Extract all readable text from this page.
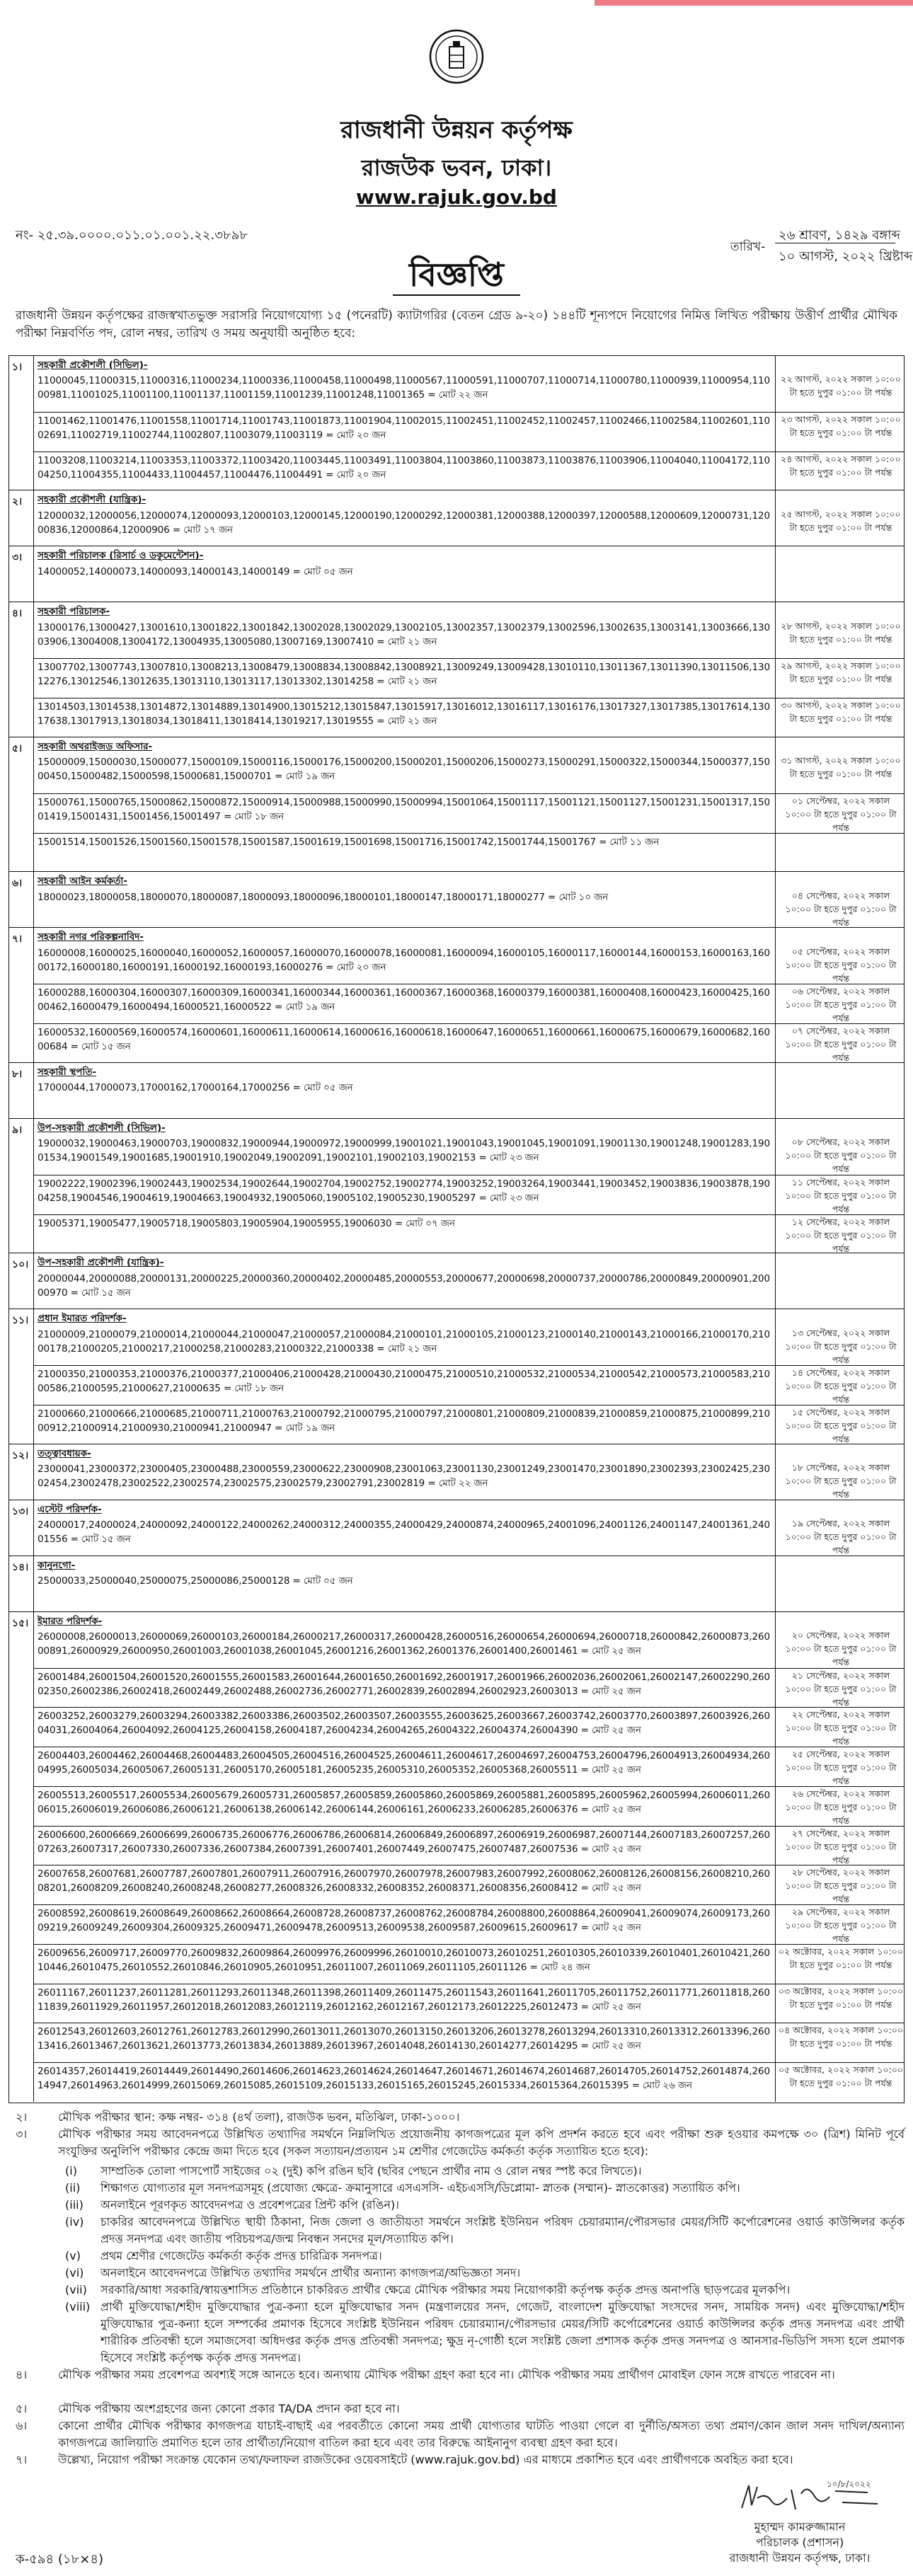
রাজধানী উন্নয়ন কর্তৃপক্ষ
রাজউক ভবন, ঢাকা।
www.rajuk.gov.bd
নং- ২৫.৩৯.০০০০.০১১.০১.০০১.২২.৩৮৯৮
তারিখ-
২৬ শ্রাবণ, ১৪২৯ বঙ্গাব্দ
১০ আগস্ট, ২০২২ খ্রিষ্টাব্দ
বিজ্ঞপ্তি
রাজধানী উন্নয়ন কর্তৃপক্ষের রাজস্বখাতভুক্ত সরাসরি নিয়োগযোগ্য ১৫ (পনেরটি) ক্যাটাগরির (বেতন গ্রেড ৯-২০) ১৪৪টি শূন্যপদে নিয়োগের নিমিত্ত লিখিত পরীক্ষায় উত্তীর্ণ প্রার্থীর মৌখিক পরীক্ষা নিম্নবর্ণিত পদ, রোল নম্বর, তারিখ ও সময় অনুযায়ী অনুষ্ঠিত হবে:
১।	সহকারী প্রকৌশলী (সিভিল)-
11000045,11000315,11000316,11000234,11000336,11000458,11000498,11000567,11000591,11000707,11000714,11000780,11000939,11000954,11000981,11001025,11001100,11001137,11001159,11001239,11001248,11001365 = মোট ২২ জন
২২ আগস্ট, ২০২২ সকাল ১০:০০ টা হতে দুপুর ০১:০০ টা পর্যন্ত
11001462,11001476,11001558,11001714,11001743,11001873,11001904,11002015,11002451,11002452,11002457,11002466,11002584,11002601,11002691,11002719,11002744,11002807,11003079,11003119 = মোট ২০ জন
২৩ আগস্ট, ২০২২ সকাল ১০:০০ টা হতে দুপুর ০১:০০ টা পর্যন্ত
11003208,11003214,11003353,11003372,11003420,11003445,11003491,11003804,11003860,11003873,11003876,11003906,11004040,11004172,11004250,11004355,11004433,11004457,11004476,11004491 = মোট ২০ জন
২৪ আগস্ট, ২০২২ সকাল ১০:০০ টা হতে দুপুর ০১:০০ টা পর্যন্ত
২।	সহকারী প্রকৌশলী (যান্ত্রিক)-
12000032,12000056,12000074,12000093,12000103,12000145,12000190,12000292,12000381,12000388,12000397,12000588,12000609,12000731,12000836,12000864,12000906 = মোট ১৭ জন
২৫ আগস্ট, ২০২২ সকাল ১০:০০ টা হতে দুপুর ০১:০০ টা পর্যন্ত
৩।	সহকারী পরিচালক (রিসার্চ ও ডকুমেন্টেশন)-
14000052,14000073,14000093,14000143,14000149 = মোট ০৫ জন
৪।	সহকারী পরিচালক-
13000176,13000427,13001610,13001822,13001842,13002028,13002029,13002105,13002357,13002379,13002596,13002635,13003141,13003666,13003906,13004008,13004172,13004935,13005080,13007169,13007410 = মোট ২১ জন
২৮ আগস্ট, ২০২২ সকাল ১০:০০ টা হতে দুপুর ০১:০০ টা পর্যন্ত
13007702,13007743,13007810,13008213,13008479,13008834,13008842,13008921,13009249,13009428,13010110,13011367,13011390,13011506,13012276,13012546,13012635,13013110,13013117,13013302,13014258 = মোট ২১ জন
২৯ আগস্ট, ২০২২ সকাল ১০:০০ টা হতে দুপুর ০১:০০ টা পর্যন্ত
13014503,13014538,13014872,13014889,13014900,13015212,13015847,13015917,13016012,13016117,13016176,13017327,13017385,13017614,13017638,13017913,13018034,13018411,13018414,13019217,13019555 = মোট ২১ জন
৩০ আগস্ট, ২০২২ সকাল ১০:০০ টা হতে দুপুর ০১:০০ টা পর্যন্ত
৫।	সহকারী অথরাইজড অফিসার-
15000009,15000030,15000077,15000109,15000116,15000176,15000200,15000201,15000206,15000273,15000291,15000322,15000344,15000377,15000450,15000482,15000598,15000681,15000701 = মোট ১৯ জন
৩১ আগস্ট, ২০২২ সকাল ১০:০০ টা হতে দুপুর ০১:০০ টা পর্যন্ত
15000761,15000765,15000862,15000872,15000914,15000988,15000990,15000994,15001064,15001117,15001121,15001127,15001231,15001317,15001419,15001431,15001456,15001497 = মোট ১৮ জন
০১ সেপ্টেম্বর, ২০২২ সকাল ১০:০০ টা হতে দুপুর ০১:০০ টা পর্যন্ত
15001514,15001526,15001560,15001578,15001587,15001619,15001698,15001716,15001742,15001744,15001767 = মোট ১১ জন
৬।	সহকারী আইন কর্মকর্তা-
18000023,18000058,18000070,18000087,18000093,18000096,18000101,18000147,18000171,18000277 = মোট ১০ জন	০৪ সেপ্টেম্বর, ২০২২ সকাল ১০:০০ টা হতে দুপুর ০১:০০ টা পর্যন্ত
৭।	সহকারী নগর পরিকল্পনাবিদ-
16000008,16000025,16000040,16000052,16000057,16000070,16000078,16000081,16000094,16000105,16000117,16000144,16000153,16000163,16000172,16000180,16000191,16000192,16000193,16000276 = মোট ২০ জন
০৫ সেপ্টেম্বর, ২০২২ সকাল ১০:০০ টা হতে দুপুর ০১:০০ টা পর্যন্ত
16000288,16000304,16000307,16000309,16000341,16000344,16000361,16000367,16000368,16000379,16000381,16000408,16000423,16000425,16000462,16000479,16000494,16000521,16000522 = মোট ১৯ জন
০৬ সেপ্টেম্বর, ২০২২ সকাল ১০:০০ টা হতে দুপুর ০১:০০ টা পর্যন্ত
16000532,16000569,16000574,16000601,16000611,16000614,16000616,16000618,16000647,16000651,16000661,16000675,16000679,16000682,16000684 = মোট ১৫ জন
০৭ সেপ্টেম্বর, ২০২২ সকাল ১০:০০ টা হতে দুপুর ০১:০০ টা পর্যন্ত
৮।	সহকারী স্থপতি-
17000044,17000073,17000162,17000164,17000256 = মোট ০৫ জন
৯।	উপ-সহকারী প্রকৌশলী (সিভিল)-
19000032,19000463,19000703,19000832,19000944,19000972,19000999,19001021,19001043,19001045,19001091,19001130,19001248,19001283,19001534,19001549,19001685,19001910,19002049,19002091,19002101,19002103,19002153 = মোট ২৩ জন
০৮ সেপ্টেম্বর, ২০২২ সকাল ১০:০০ টা হতে দুপুর ০১:০০ টা পর্যন্ত
19002222,19002396,19002443,19002534,19002644,19002704,19002752,19002774,19003252,19003264,19003441,19003452,19003836,19003878,19004258,19004546,19004619,19004663,19004932,19005060,19005102,19005230,19005297 = মোট ২৩ জন
১১ সেপ্টেম্বর, ২০২২ সকাল ১০:০০ টা হতে দুপুর ০১:০০ টা পর্যন্ত
19005371,19005477,19005718,19005803,19005904,19005955,19006030 = মোট ০৭ জন	১২ সেপ্টেম্বর, ২০২২ সকাল ১০:০০ টা হতে দুপুর ০১:০০ টা পর্যন্ত
১০। উপ-সহকারী প্রকৌশলী (যান্ত্রিক)-
20000044,20000088,20000131,20000225,20000360,20000402,20000485,20000553,20000677,20000698,20000737,20000786,20000849,20000901,20000970 = মোট ১৫ জন
১১। প্রধান ইমারত পরিদর্শক-
21000009,21000079,21000014,21000044,21000047,21000057,21000084,21000101,21000105,21000123,21000140,21000143,21000166,21000170,21000178,21000205,21000217,21000258,21000283,21000322,21000338 = মোট ২১ জন
১৩ সেপ্টেম্বর, ২০২২ সকাল ১০:০০ টা হতে দুপুর ০১:০০ টা পর্যন্ত
21000350,21000353,21000376,21000377,21000406,21000428,21000430,21000475,21000510,21000532,21000534,21000542,21000573,21000583,21000586,21000595,21000627,21000635 = মোট ১৮ জন
১৪ সেপ্টেম্বর, ২০২২ সকাল ১০:০০ টা হতে দুপুর ০১:০০ টা পর্যন্ত
21000660,21000666,21000685,21000711,21000763,21000792,21000795,21000797,21000801,21000809,21000839,21000859,21000875,21000899,21000912,21000914,21000930,21000941,21000947 = মোট ১৯ জন
১৫ সেপ্টেম্বর, ২০২২ সকাল ১০:০০ টা হতে দুপুর ০১:০০ টা পর্যন্ত
১২। তত্ত্বাবধায়ক-
23000041,23000372,23000405,23000488,23000559,23000622,23000908,23001063,23001130,23001249,23001470,23001890,23002393,23002425,23002454,23002478,23002522,23002574,23002575,23002579,23002791,23002819 = মোট ২২ জন
১৮ সেপ্টেম্বর, ২০২২ সকাল ১০:০০ টা হতে দুপুর ০১:০০ টা পর্যন্ত
১৩। এস্টেট পরিদর্শক-
24000017,24000024,24000092,24000122,24000262,24000312,24000355,24000429,24000874,24000965,24001096,24001126,24001147,24001361,24001556 = মোট ১৫ জন
১৯ সেপ্টেম্বর, ২০২২ সকাল ১০:০০ টা হতে দুপুর ০১:০০ টা পর্যন্ত
১৪। কানুনগো-
25000033,25000040,25000075,25000086,25000128 = মোট ০৫ জন
১৫। ইমারত পরিদর্শক-
26000008,26000013,26000069,26000103,26000184,26000217,26000317,26000428,26000516,26000654,26000694,26000718,26000842,26000873,26000891,26000929,26000950,26001003,26001038,26001045,26001216,26001362,26001376,26001400,26001461 = মোট ২৫ জন
২০ সেপ্টেম্বর, ২০২২ সকাল ১০:০০ টা হতে দুপুর ০১:০০ টা পর্যন্ত
26001484,26001504,26001520,26001555,26001583,26001644,26001650,26001692,26001917,26001966,26002036,26002061,26002147,26002290,26002350,26002386,26002418,26002449,26002488,26002736,26002771,26002839,26002894,26002923,26003013 = মোট ২৫ জন
২১ সেপ্টেম্বর, ২০২২ সকাল ১০:০০ টা হতে দুপুর ০১:০০ টা পর্যন্ত
26003252,26003279,26003294,26003382,26003386,26003502,26003507,26003555,26003625,26003667,26003742,26003770,26003897,26003926,26004031,26004064,26004092,26004125,26004158,26004187,26004234,26004265,26004322,26004374,26004390 = মোট ২৫ জন
২২ সেপ্টেম্বর, ২০২২ সকাল ১০:০০ টা হতে দুপুর ০১:০০ টা পর্যন্ত
26004403,26004462,26004468,26004483,26004505,26004516,26004525,26004611,26004617,26004697,26004753,26004796,26004913,26004934,26004995,26005034,26005067,26005131,26005170,26005181,26005235,26005310,26005352,26005368,26005511 = মোট ২৫ জন
২৫ সেপ্টেম্বর, ২০২২ সকাল ১০:০০ টা হতে দুপুর ০১:০০ টা পর্যন্ত
26005513,26005517,26005534,26005679,26005731,26005857,26005859,26005860,26005869,26005881,26005895,26005962,26005994,26006011,26006015,26006019,26006086,26006121,26006138,26006142,26006144,26006161,26006233,26006285,26006376 = মোট ২৫ জন
২৬ সেপ্টেম্বর, ২০২২ সকাল ১০:০০ টা হতে দুপুর ০১:০০ টা পর্যন্ত
26006600,26006669,26006699,26006735,26006776,26006786,26006814,26006849,26006897,26006919,26006987,26007144,26007183,26007257,26007263,26007317,26007330,26007336,26007384,26007391,26007401,26007449,26007475,26007487,26007536 = মোট ২৫ জন
২৭ সেপ্টেম্বর, ২০২২ সকাল ১০:০০ টা হতে দুপুর ০১:০০ টা পর্যন্ত
26007658,26007681,26007787,26007801,26007911,26007916,26007970,26007978,26007983,26007992,26008062,26008126,26008156,26008210,26008201,26008209,26008240,26008248,26008277,26008326,26008332,26008352,26008371,26008356,26008412 = মোট ২৫ জন
২৮ সেপ্টেম্বর, ২০২২ সকাল ১০:০০ টা হতে দুপুর ০১:০০ টা পর্যন্ত
26008592,26008619,26008649,26008662,26008664,26008728,26008737,26008762,26008784,26008800,26008864,26009041,26009074,26009173,26009219,26009249,26009304,26009325,26009471,26009478,26009513,26009538,26009587,26009615,26009617 = মোট ২৫ জন
২৯ সেপ্টেম্বর, ২০২২ সকাল ১০:০০ টা হতে দুপুর ০১:০০ টা পর্যন্ত
26009656,26009717,26009770,26009832,26009864,26009976,26009996,26010010,26010073,26010251,26010305,26010339,26010401,26010421,26010446,26010475,26010552,26010846,26010905,26010951,26011007,26011069,26011105,26011126 = মোট ২৪ জন
০২ অক্টোবর, ২০২২ সকাল ১০:০০ টা হতে দুপুর ০১:০০ টা পর্যন্ত
26011167,26011237,26011281,26011293,26011348,26011398,26011409,26011475,26011543,26011641,26011705,26011752,26011771,26011818,26011839,26011929,26011957,26012018,26012083,26012119,26012162,26012167,26012173,26012225,26012473 = মোট ২৫ জন
০৩ অক্টোবর, ২০২২ সকাল ১০:০০ টা হতে দুপুর ০১:০০ টা পর্যন্ত
26012543,26012603,26012761,26012783,26012990,26013011,26013070,26013150,26013206,26013278,26013294,26013310,26013312,26013396,26013416,26013467,26013621,26013773,26013834,26013889,26013967,26014048,26014130,26014277,26014295 = মোট ২৫ জন
০৪ অক্টোবর, ২০২২ সকাল ১০:০০ টা হতে দুপুর ০১:০০ টা পর্যন্ত
26014357,26014419,26014449,26014490,26014606,26014623,26014624,26014647,26014671,26014674,26014687,26014705,26014752,26014874,26014947,26014963,26014999,26015069,26015085,26015109,26015133,26015165,26015245,26015334,26015364,26015395 = মোট ২৬ জন
০৫ অক্টোবর, ২০২২ সকাল ১০:০০ টা হতে দুপুর ০১:০০ টা পর্যন্ত
২।	মৌখিক পরীক্ষার স্থান: কক্ষ নম্বর- ৩১৪ (৪র্থ তলা), রাজউক ভবন, মতিঝিল, ঢাকা-১০০০।
৩।	মৌখিক পরীক্ষার সময় আবেদনপত্রে উল্লিখিত তথ্যাদির সমর্থনে নিম্নলিখিত প্রয়োজনীয় কাগজপত্রের মূল কপি প্রদর্শন করতে হবে এবং পরীক্ষা শুরু হওয়ার কমপক্ষে ৩০ (ত্রিশ) মিনিট পূর্বে সংযুক্তির অনুলিপি পরীক্ষার কেন্দ্রে জমা দিতে হবে (সকল সত্যায়ন/প্রত্যয়ন ১ম শ্রেণীর গেজেটেড কর্মকর্তা কর্তৃক সত্যায়িত হতে হবে):
(i)	সাম্প্রতিক তোলা পাসপোর্ট সাইজের ০২ (দুই) কপি রঙিন ছবি (ছবির পেছনে প্রার্থীর নাম ও রোল নম্বর স্পষ্ট করে লিখতে)।
(ii)	শিক্ষাগত যোগ্যতার মূল সনদপত্রসমূহ (প্রযোজ্য ক্ষেত্রে- ক্রমানুসারে এসএসসি- এইচএসসি/ডিপ্লোমা- স্নাতক (সম্মান)- স্নাতকোত্তর) সত্যায়িত কপি।
(iii)	অনলাইনে পূরণকৃত আবেদনপত্র ও প্রবেশপত্রের প্রিন্ট কপি (রঙিন)।
(iv)	চাকরির আবেদনপত্রে উল্লিখিত স্থায়ী ঠিকানা, নিজ জেলা ও জাতীয়তা সমর্থনে সংশ্লিষ্ট ইউনিয়ন পরিষদ চেয়ারম্যান/পৌরসভার মেয়র/সিটি কর্পোরেশনের ওয়ার্ড কাউন্সিলর কর্তৃক প্রদত্ত সনদপত্র এবং জাতীয় পরিচয়পত্র/জন্ম নিবন্ধন সনদের মূল/সত্যায়িত কপি।
(v)	প্রথম শ্রেণীর গেজেটেড কর্মকর্তা কর্তৃক প্রদত্ত চারিত্রিক সনদপত্র।
(vi)	অনলাইনে আবেদনপত্রে উল্লিখিত তথ্যাদির সমর্থনে প্রার্থীর অন্যান্য কাগজপত্র/অভিজ্ঞতা সনদ।
(vii)	সরকারি/আধা সরকারি/স্বায়ত্তশাসিত প্রতিষ্ঠানে চাকরিরত প্রার্থীর ক্ষেত্রে মৌখিক পরীক্ষার সময় নিয়োগকারী কর্তৃপক্ষ কর্তৃক প্রদত্ত অনাপত্তি ছাড়পত্রের মূলকপি।
(viii) প্রার্থী মুক্তিযোদ্ধা/শহীদ মুক্তিযোদ্ধার পুত্র-কন্যা হলে মুক্তিযোদ্ধার সনদ (মন্ত্রণালয়ের সনদ, গেজেট, বাংলাদেশ মুক্তিযোদ্ধা সংসদের সনদ, সাময়িক সনদ) এবং মুক্তিযোদ্ধা/শহীদ মুক্তিযোদ্ধার পুত্র-কন্যা হলে সম্পর্কের প্রমাণক হিসেবে সংশ্লিষ্ট ইউনিয়ন পরিষদ চেয়ারম্যান/পৌরসভার মেয়র/সিটি কর্পোরেশনের ওয়ার্ড কাউন্সিলর কর্তৃক প্রদত্ত সনদপত্র এবং প্রার্থী শারীরিক প্রতিবন্ধী হলে সমাজসেবা অধিদপ্তর কর্তৃক প্রদত্ত প্রতিবন্ধী সনদপত্র; ক্ষুদ্র নৃ-গোষ্ঠী হলে সংশ্লিষ্ট জেলা প্রশাসক কর্তৃক প্রদত্ত সনদপত্র ও আনসার-ভিডিপি সদস্য হলে প্রমাণক হিসেবে সংশ্লিষ্ট কর্তৃপক্ষ কর্তৃক প্রদত্ত সনদপত্র।
৪।	মৌখিক পরীক্ষার সময় প্রবেশপত্র অবশ্যই সঙ্গে আনতে হবে। অন্যথায় মৌখিক পরীক্ষা গ্রহণ করা হবে না। মৌখিক পরীক্ষার সময় প্রার্থীগণ মোবাইল ফোন সঙ্গে রাখতে পারবেন না।
৫।	মৌখিক পরীক্ষায় অংশগ্রহণের জন্য কোনো প্রকার TA/DA প্রদান করা হবে না।
৬।	কোনো প্রার্থীর মৌখিক পরীক্ষার কাগজপত্র যাচাই-বাছাই এর পরবর্তীতে কোনো সময় প্রার্থী যোগ্যতার ঘাটতি পাওয়া গেলে বা দুর্নীতি/অসত্য তথ্য প্রমাণ/কোন জাল সনদ দাখিল/অন্যান্য কাগজপত্রে জালিয়াতি প্রমাণিত হলে তার প্রার্থীতা/নিয়োগ বাতিল করা হবে এবং তার বিরুদ্ধে আইনানুগ ব্যবস্থা গ্রহণ করা হবে।
৭।	উল্লেখ্য, নিয়োগ পরীক্ষা সংক্রান্ত যেকোন তথ্য/ফলাফল রাজউকের ওয়েবসাইটে (www.rajuk.gov.bd) এর মাধ্যমে প্রকাশিত হবে এবং প্রার্থীগণকে অবহিত করা হবে।
১০/৮/২০২২
মুহাম্মদ কামরুজ্জামান
পরিচালক (প্রশাসন)
রাজধানী উন্নয়ন কর্তৃপক্ষ, ঢাকা।
ক-৫৯৪ (১৮×৪)
